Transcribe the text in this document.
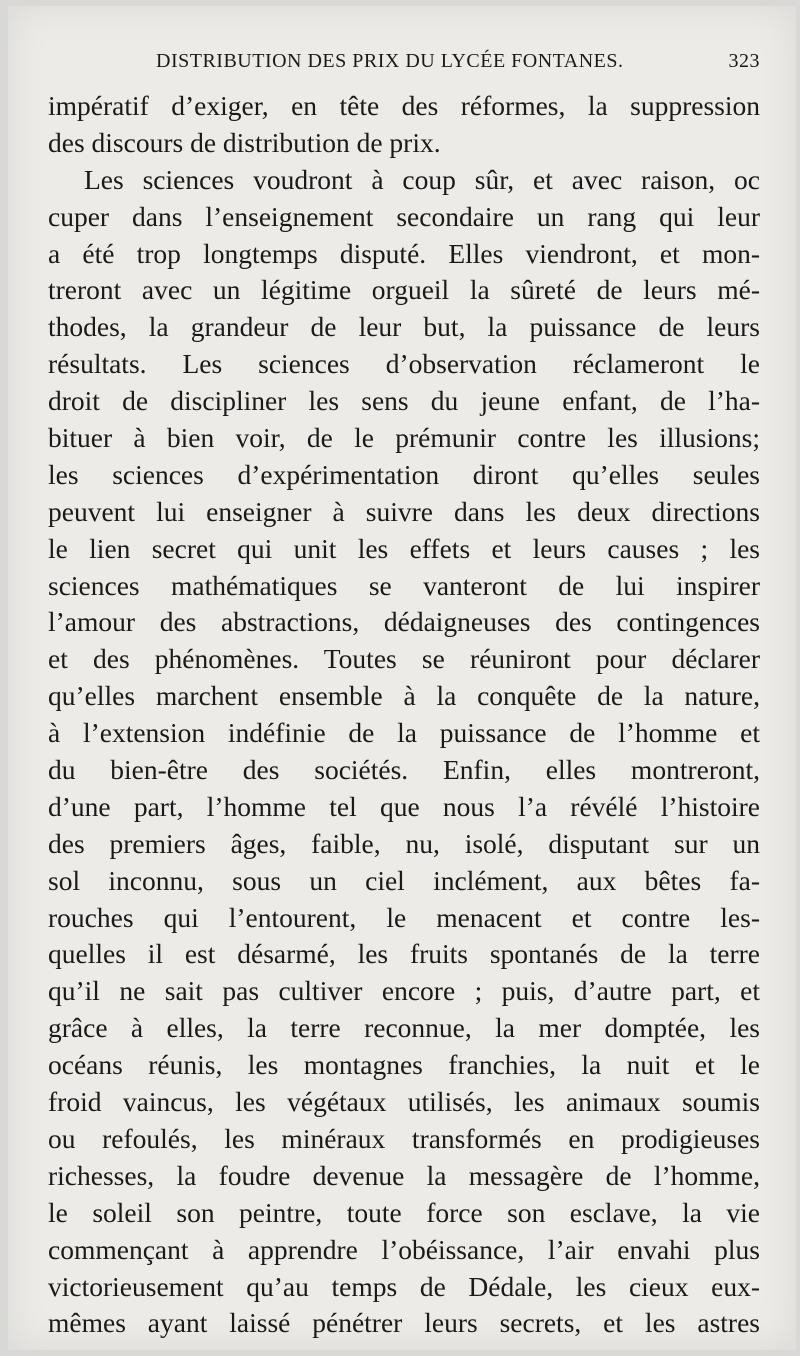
DISTRIBUTION DES PRIX DU LYCÉE FONTANES.	323
impératif d’exiger, en tête des réformes, la suppression
des discours de distribution de prix.
Les sciences voudront à coup sûr, et avec raison, oc
cuper dans l’enseignement secondaire un rang qui leur
a été trop longtemps disputé. Elles viendront, et mon-
treront avec un légitime orgueil la sûreté de leurs mé-
thodes, la grandeur de leur but, la puissance de leurs
résultats. Les sciences d’observation réclameront le
droit de discipliner les sens du jeune enfant, de l’ha-
bituer à bien voir, de le prémunir contre les illusions;
les sciences d’expérimentation diront qu’elles seules
peuvent lui enseigner à suivre dans les deux directions
le lien secret qui unit les effets et leurs causes ; les
sciences mathématiques se vanteront de lui inspirer
l’amour des abstractions, dédaigneuses des contingences
et des phénomènes. Toutes se réuniront pour déclarer
qu’elles marchent ensemble à la conquête de la nature,
à l’extension indéfinie de la puissance de l’homme et
du bien-être des sociétés. Enfin, elles montreront,
d’une part, l’homme tel que nous l’a révélé l’histoire
des premiers âges, faible, nu, isolé, disputant sur un
sol inconnu, sous un ciel inclément, aux bêtes fa-
rouches qui l’entourent, le menacent et contre les-
quelles il est désarmé, les fruits spontanés de la terre
qu’il ne sait pas cultiver encore ; puis, d’autre part, et
grâce à elles, la terre reconnue, la mer domptée, les
océans réunis, les montagnes franchies, la nuit et le
froid vaincus, les végétaux utilisés, les animaux soumis
ou refoulés, les minéraux transformés en prodigieuses
richesses, la foudre devenue la messagère de l’homme,
le soleil son peintre, toute force son esclave, la vie
commençant à apprendre l’obéissance, l’air envahi plus
victorieusement qu’au temps de Dédale, les cieux eux-
mêmes ayant laissé pénétrer leurs secrets, et les astres
